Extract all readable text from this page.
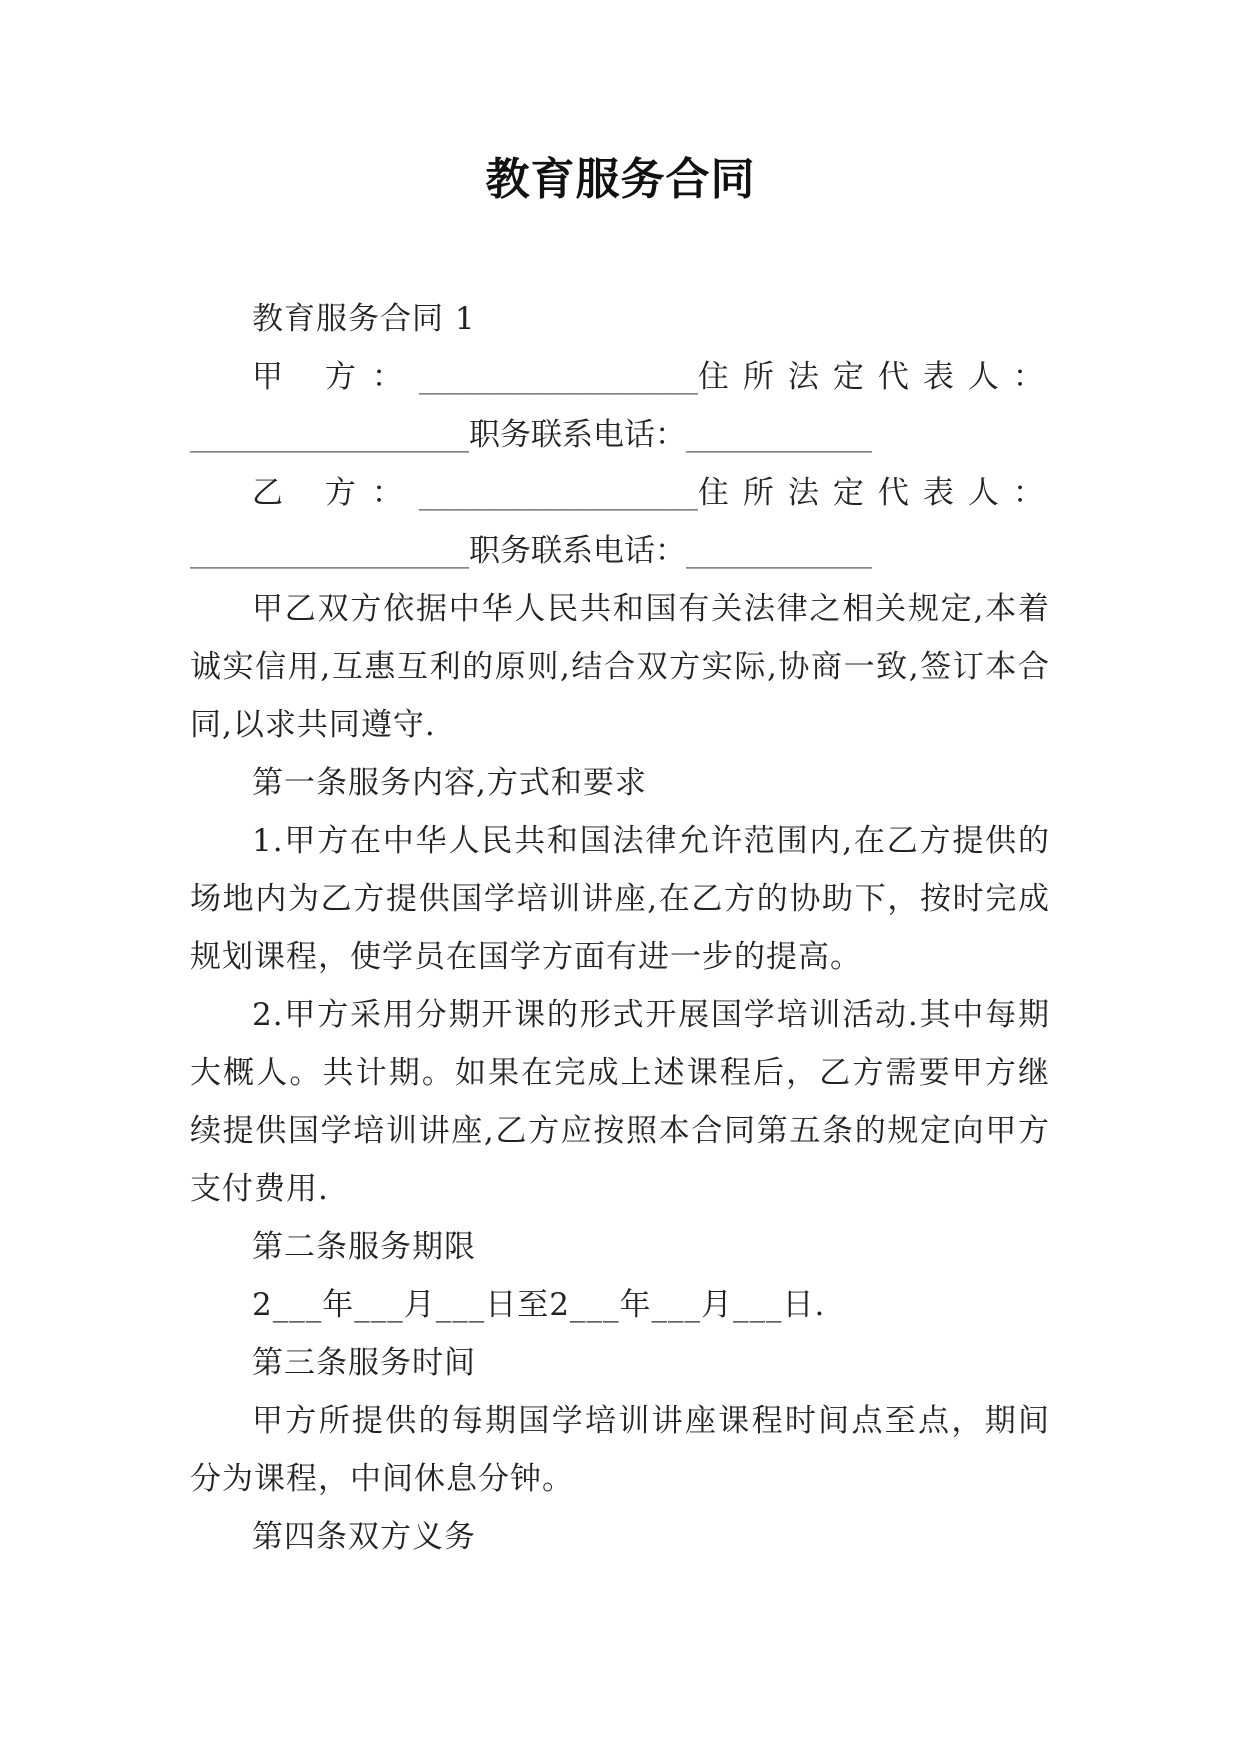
教育服务合同

教育服务合同 1

甲 方： __________________ 住所法定代表人：
__________________职务联系电话：____________
乙 方： __________________ 住所法定代表人：
__________________职务联系电话：____________

甲乙双方依据中华人民共和国有关法律之相关规定,本着诚实信用,互惠互利的原则,结合双方实际,协商一致,签订本合同,以求共同遵守.

第一条服务内容,方式和要求

1.甲方在中华人民共和国法律允许范围内,在乙方提供的场地内为乙方提供国学培训讲座,在乙方的协助下，按时完成规划课程，使学员在国学方面有进一步的提高。

2.甲方采用分期开课的形式开展国学培训活动.其中每期大概人。共计期。如果在完成上述课程后，乙方需要甲方继续提供国学培训讲座,乙方应按照本合同第五条的规定向甲方支付费用.

第二条服务期限

2___年___月___日至2___年___月___日.

第三条服务时间

甲方所提供的每期国学培训讲座课程时间点至点，期间分为课程，中间休息分钟。

第四条双方义务
